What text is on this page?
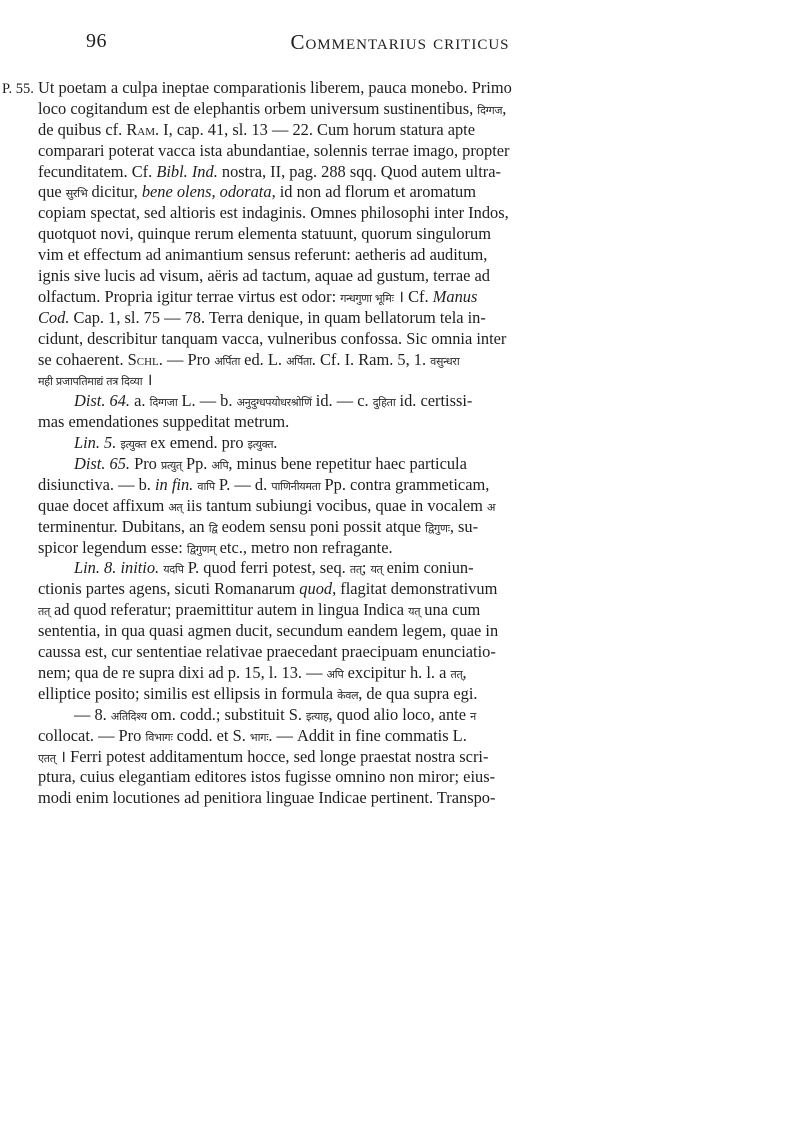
96	Commentarius criticus
P. 55. Ut poetam a culpa ineptae comparationis liberem, pauca monebo. Primo
loco cogitandum est de elephantis orbem universum sustinentibus, दिग्गज,
de quibus cf. Ram. I, cap. 41, sl. 13 — 22. Cum horum statura apte
comparari poterat vacca ista abundantiae, solennis terrae imago, propter
fecunditatem. Cf. Bibl. Ind. nostra, II, pag. 288 sqq. Quod autem ultra-
que सुरभि dicitur, bene olens, odorata, id non ad florum et aromatum
copiam spectat, sed altioris est indaginis. Omnes philosophi inter Indos,
quotquot novi, quinque rerum elementa statuunt, quorum singulorum
vim et effectum ad animantium sensus referunt: aetheris ad auditum,
ignis sive lucis ad visum, aëris ad tactum, aquae ad gustum, terrae ad
olfactum. Propria igitur terrae virtus est odor: गन्धगुणा भूमिः । Cf. Manus
Cod. Cap. 1, sl. 75 — 78. Terra denique, in quam bellatorum tela in-
cidunt, describitur tanquam vacca, vulneribus confossa. Sic omnia inter
se cohaerent. Schl. — Pro अर्पिता ed. L. अर्पिता. Cf. I. Ram. 5, 1. वसुन्धरा
मही प्रजापतिमाद्यं तत्र दिव्या ।
Dist. 64. a. दिग्गजा L. — b. अनुदुग्धपयोधरश्रोणिं id. — c. दुहिता id. certissi-
mas emendationes suppeditat metrum.
Lin. 5. इत्युक्त ex emend. pro इत्युक्त.
Dist. 65. Pro प्रत्युत् Pp. अपि, minus bene repetitur haec particula
disiunctiva. — b. in fin. वापि P. — d. पाणिनीयमता Pp. contra grammeticam,
quae docet affixum अत् iis tantum subiungi vocibus, quae in vocalem अ
terminentur. Dubitans, an द्वि eodem sensu poni possit atque द्विगुणः, su-
spicor legendum esse: द्विगुणम् etc., metro non refragante.
Lin. 8. initio. यदपि P. quod ferri potest, seq. तत्; यत् enim coniun-
ctionis partes agens, sicuti Romanarum quod, flagitat demonstrativum
तत् ad quod referatur; praemittitur autem in lingua Indica यत् una cum
sententia, in qua quasi agmen ducit, secundum eandem legem, quae in
caussa est, cur sententiae relativae praecedant praecipuam enunciatio-
nem; qua de re supra dixi ad p. 15, l. 13. — अपि excipitur h. l. a तत्,
elliptice posito; similis est ellipsis in formula केवल, de qua supra egi.
— 8. अतिदिश्य om. codd.; substituit S. इत्याह, quod alio loco, ante न
collocat. — Pro विभागः codd. et S. भागः. — Addit in fine commatis L.
एतत् । Ferri potest additamentum hocce, sed longe praestat nostra scri-
ptura, cuius elegantiam editores istos fugisse omnino non miror; eius-
modi enim locutiones ad penitiora linguae Indicae pertinent. Transpo-
